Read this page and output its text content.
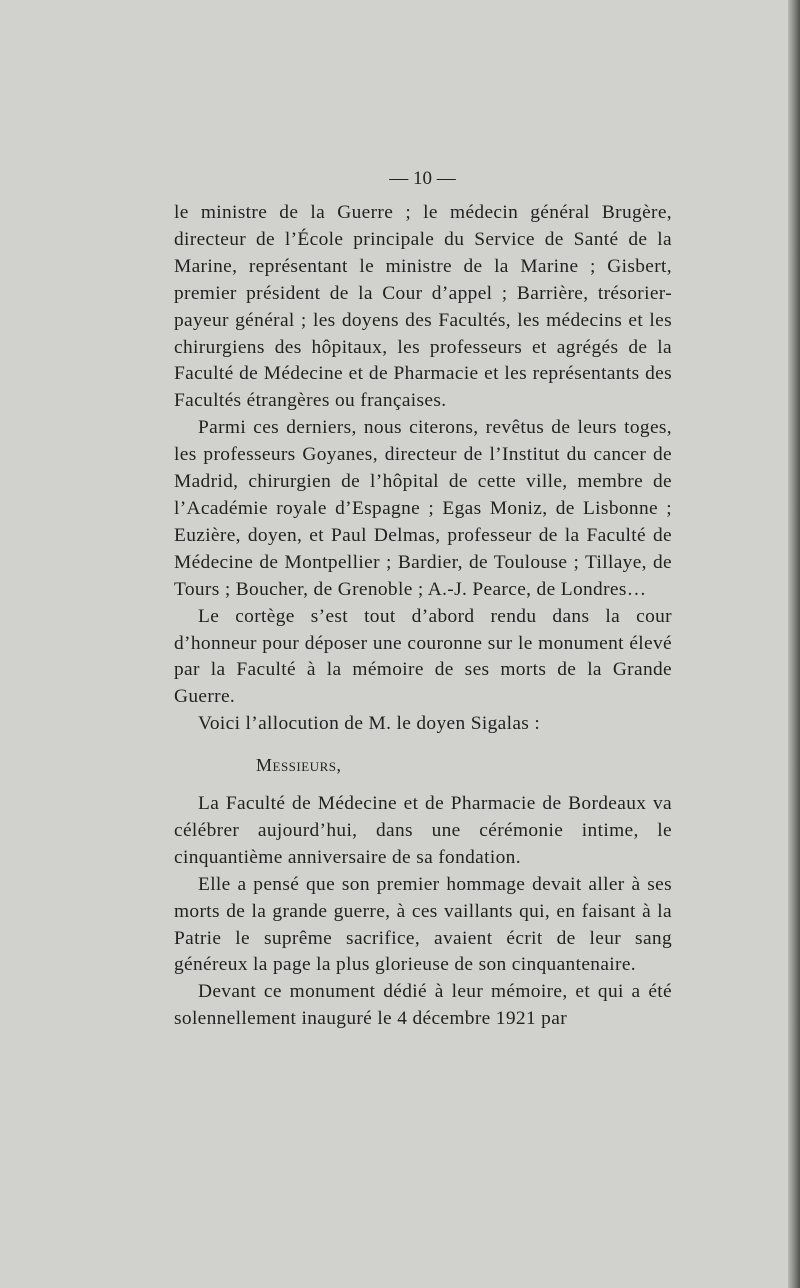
— 10 —

le ministre de la Guerre ; le médecin général Brugère, directeur de l’École principale du Service de Santé de la Marine, représentant le ministre de la Marine ; Gisbert, premier président de la Cour d’appel ; Barrière, trésorier-payeur général ; les doyens des Facultés, les médecins et les chirurgiens des hôpitaux, les professeurs et agrégés de la Faculté de Médecine et de Pharmacie et les représentants des Facultés étrangères ou françaises.

Parmi ces derniers, nous citerons, revêtus de leurs toges, les professeurs Goyanes, directeur de l’Institut du cancer de Madrid, chirurgien de l’hôpital de cette ville, membre de l’Académie royale d’Espagne ; Egas Moniz, de Lisbonne ; Euzière, doyen, et Paul Delmas, professeur de la Faculté de Médecine de Montpellier ; Bardier, de Toulouse ; Tillaye, de Tours ; Boucher, de Grenoble ; A.-J. Pearce, de Londres…

Le cortège s’est tout d’abord rendu dans la cour d’honneur pour déposer une couronne sur le monument élevé par la Faculté à la mémoire de ses morts de la Grande Guerre.

Voici l’allocution de M. le doyen Sigalas :

Messieurs,

La Faculté de Médecine et de Pharmacie de Bordeaux va célébrer aujourd’hui, dans une cérémonie intime, le cinquantième anniversaire de sa fondation.

Elle a pensé que son premier hommage devait aller à ses morts de la grande guerre, à ces vaillants qui, en faisant à la Patrie le suprême sacrifice, avaient écrit de leur sang généreux la page la plus glorieuse de son cinquantenaire.

Devant ce monument dédié à leur mémoire, et qui a été solennellement inauguré le 4 décembre 1921 par
